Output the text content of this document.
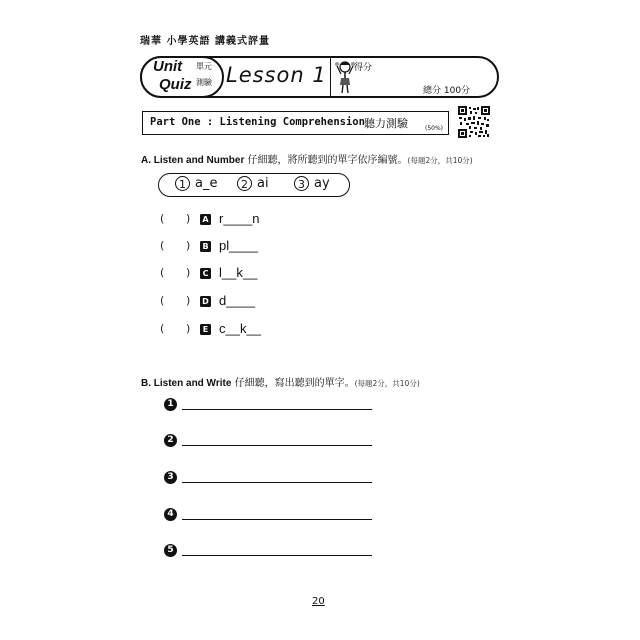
瑞華 小學英語 講義式評量
Unit
Quiz
單元
測驗 Lesson 1	得分
總分 100分
Part One : Listening Comprehension 聽力測驗	(50%)
A. Listen and Number 仔細聽，將所聽到的單字依序編號。(每題2分，共10分)
1 a_e	2 ai	3 ay
( ) A r____n
( )	B pl____
( )	C l__k__
( ) D d____
( )	E c__k__
B. Listen and Write 仔細聽，寫出聽到的單字。(每題2分，共10分)
1
2
3
4
5
20
